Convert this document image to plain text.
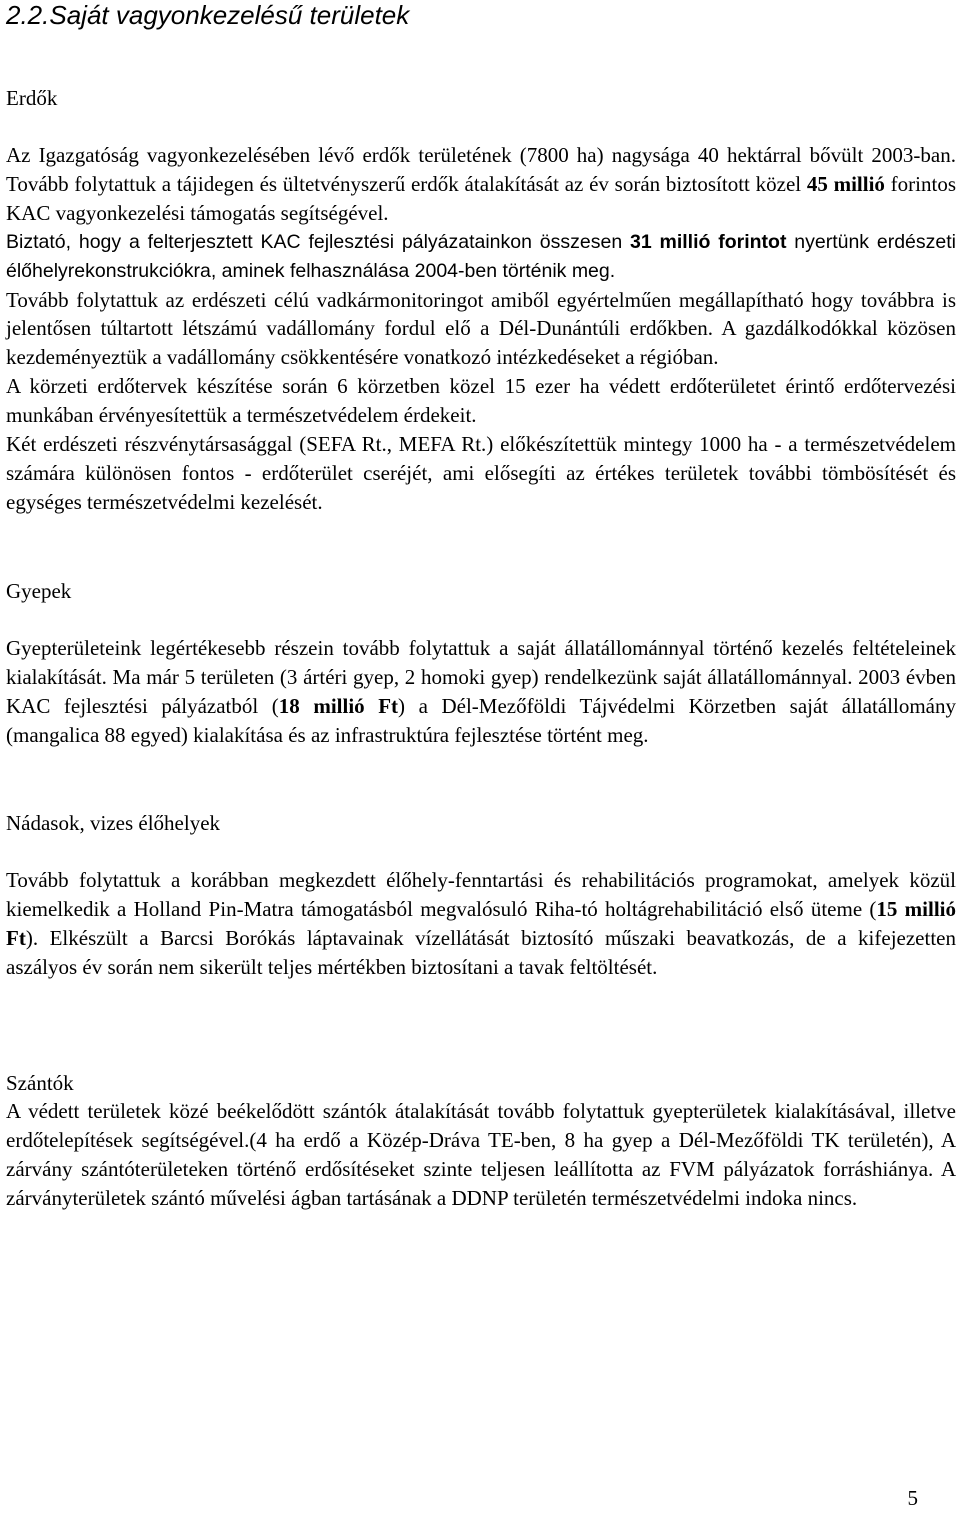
2.2.Saját vagyonkezelésű területek
Erdők

Az Igazgatóság vagyonkezelésében lévő erdők területének (7800 ha) nagysága 40 hektárral bővült 2003-ban. Tovább folytattuk a tájidegen és ültetvényszerű erdők átalakítását az év során biztosított közel 45 millió forintos KAC vagyonkezelési támogatás segítségével.

Biztató, hogy a felterjesztett KAC fejlesztési pályázatainkon összesen 31 millió forintot nyertünk erdészeti élőhelyrekonstrukciókra, aminek felhasználása 2004-ben történik meg.

Tovább folytattuk az erdészeti célú vadkármonitoringot amiből egyértelműen megállapítható hogy továbbra is jelentősen túltartott létszámú vadállomány fordul elő a Dél-Dunántúli erdőkben. A gazdálkodókkal közösen kezdeményeztük a vadállomány csökkentésére vonatkozó intézkedéseket a régióban.

A körzeti erdőtervek készítése során 6 körzetben közel 15 ezer ha védett erdőterületet érintő erdőtervezési munkában érvényesítettük a természetvédelem érdekeit.

Két erdészeti részvénytársasággal (SEFA Rt., MEFA Rt.) előkészítettük mintegy 1000 ha - a természetvédelem számára különösen fontos - erdőterület cseréjét, ami elősegíti az értékes területek további tömbösítését és egységes természetvédelmi kezelését.

Gyepek

Gyepterületeink legértékesebb részein tovább folytattuk a saját állatállománnyal történő kezelés feltételeinek kialakítását. Ma már 5 területen (3 ártéri gyep, 2 homoki gyep) rendelkezünk saját állatállománnyal. 2003 évben KAC fejlesztési pályázatból (18 millió Ft) a Dél-Mezőföldi Tájvédelmi Körzetben saját állatállomány (mangalica 88 egyed) kialakítása és az infrastruktúra fejlesztése történt meg.

Nádasok, vizes élőhelyek

Tovább folytattuk a korábban megkezdett élőhely-fenntartási és rehabilitációs programokat, amelyek közül kiemelkedik a Holland Pin-Matra támogatásból megvalósuló Riha-tó holtágrehabilitáció első üteme (15 millió Ft). Elkészült a Barcsi Borókás láptavainak vízellátását biztosító műszaki beavatkozás, de a kifejezetten aszályos év során nem sikerült teljes mértékben biztosítani a tavak feltöltését.

Szántók

A védett területek közé beékelődött szántók átalakítását tovább folytattuk gyepterületek kialakításával, illetve erdőtelepítések segítségével.(4 ha erdő a Közép-Dráva TE-ben, 8 ha gyep a Dél-Mezőföldi TK területén), A zárvány szántóterületeken történő erdősítéseket szinte teljesen leállította az FVM pályázatok forráshiánya. A zárványterületek szántó művelési ágban tartásának a DDNP területén természetvédelmi indoka nincs.

5
